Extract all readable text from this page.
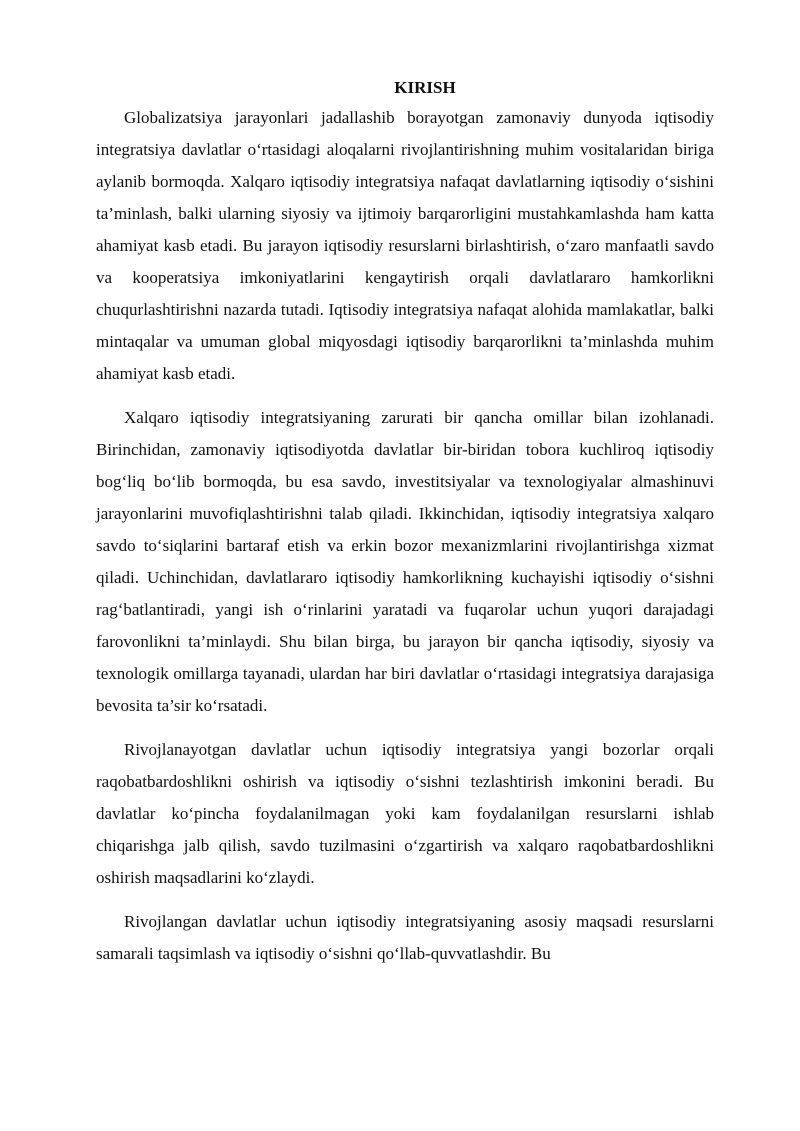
KIRISH

Globalizatsiya jarayonlari jadallashib borayotgan zamonaviy dunyoda iqtisodiy integratsiya davlatlar o‘rtasidagi aloqalarni rivojlantirishning muhim vositalaridan biriga aylanib bormoqda. Xalqaro iqtisodiy integratsiya nafaqat davlatlarning iqtisodiy o‘sishini ta’minlash, balki ularning siyosiy va ijtimoiy barqarorligini mustahkamlashda ham katta ahamiyat kasb etadi. Bu jarayon iqtisodiy resurslarni birlashtirish, o‘zaro manfaatli savdo va kooperatsiya imkoniyatlarini kengaytirish orqali davlatlararo hamkorlikni chuqurlashtirishni nazarda tutadi. Iqtisodiy integratsiya nafaqat alohida mamlakatlar, balki mintaqalar va umuman global miqyosdagi iqtisodiy barqarorlikni ta’minlashda muhim ahamiyat kasb etadi.

Xalqaro iqtisodiy integratsiyaning zarurati bir qancha omillar bilan izohlanadi. Birinchidan, zamonaviy iqtisodiyotda davlatlar bir-biridan tobora kuchliroq iqtisodiy bog‘liq bo‘lib bormoqda, bu esa savdo, investitsiyalar va texnologiyalar almashinuvi jarayonlarini muvofiqlashtirishni talab qiladi. Ikkinchidan, iqtisodiy integratsiya xalqaro savdo to‘siqlarini bartaraf etish va erkin bozor mexanizmlarini rivojlantirishga xizmat qiladi. Uchinchidan, davlatlararo iqtisodiy hamkorlikning kuchayishi iqtisodiy o‘sishni rag‘batlantiradi, yangi ish o‘rinlarini yaratadi va fuqarolar uchun yuqori darajadagi farovonlikni ta’minlaydi. Shu bilan birga, bu jarayon bir qancha iqtisodiy, siyosiy va texnologik omillarga tayanadi, ulardan har biri davlatlar o‘rtasidagi integratsiya darajasiga bevosita ta’sir ko‘rsatadi.

Rivojlanayotgan davlatlar uchun iqtisodiy integratsiya yangi bozorlar orqali raqobatbardoshlikni oshirish va iqtisodiy o‘sishni tezlashtirish imkonini beradi. Bu davlatlar ko‘pincha foydalanilmagan yoki kam foydalanilgan resurslarni ishlab chiqarishga jalb qilish, savdo tuzilmasini o‘zgartirish va xalqaro raqobatbardoshlikni oshirish maqsadlarini ko‘zlaydi.

Rivojlangan davlatlar uchun iqtisodiy integratsiyaning asosiy maqsadi resurslarni samarali taqsimlash va iqtisodiy o‘sishni qo‘llab-quvvatlashdir. Bu
